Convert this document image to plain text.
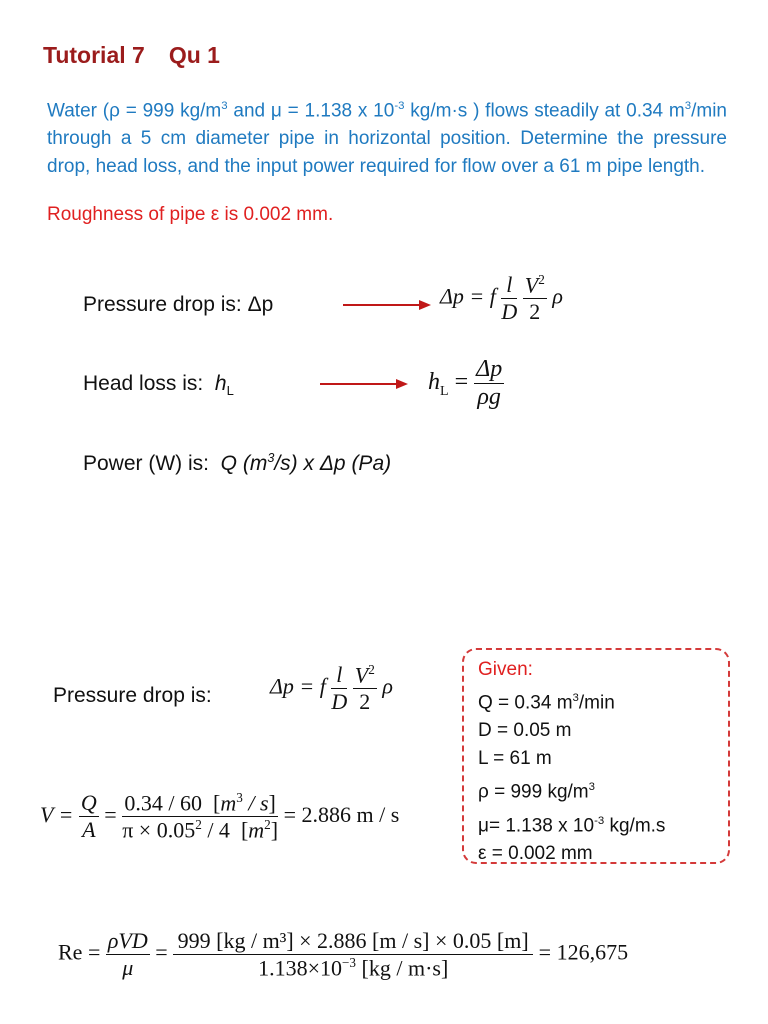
Tutorial 7 Qu 1
Water (ρ = 999 $kg/m^3$ and μ = 1.138 x $10^{-3}$ kg/m·s ) flows steadily at 0.34 $m^3/\min$ through a 5 cm diameter pipe in horizontal position. Determine the pressure drop, head loss, and the input power required for flow over a 61 m pipe length.
Roughness of pipe ε is 0.002 mm.
Pressure drop is: Δp	Δp = f $\frac{l}{D}$
$\frac{V^2}{2}$ ρ
Head loss is: $h_L$	$h_L = \frac{\Delta p}{\rho g}$
Power (W) is: Q $(m^3/s)$ x Δp (Pa)
Pressure drop is:	Δp = f $\frac{l}{D}$
$\frac{V^2}{2}$ ρ
$V = \frac{Q}{A} = \frac{0.34 / 60 [m^3 / s]}{\pi \times 0.05^2 / 4 [m^2]} = 2.886$ m / s
Given:
Q = 0.34 $m^3/\min$
D = 0.05 m
L = 61 m
ρ = 999 $kg/m^3$
μ= 1.138 x $10^{-3}$ kg/m.s
ε = 0.002 mm
$Re = \frac{\text{ρVD}}{\mu} = \frac{\text{999 [kg / m³] × 2.886 [m / s] × 0.05 [m]}}{1.138\times 10^{-3} [kg / m\cdot s]} = 126,675$
